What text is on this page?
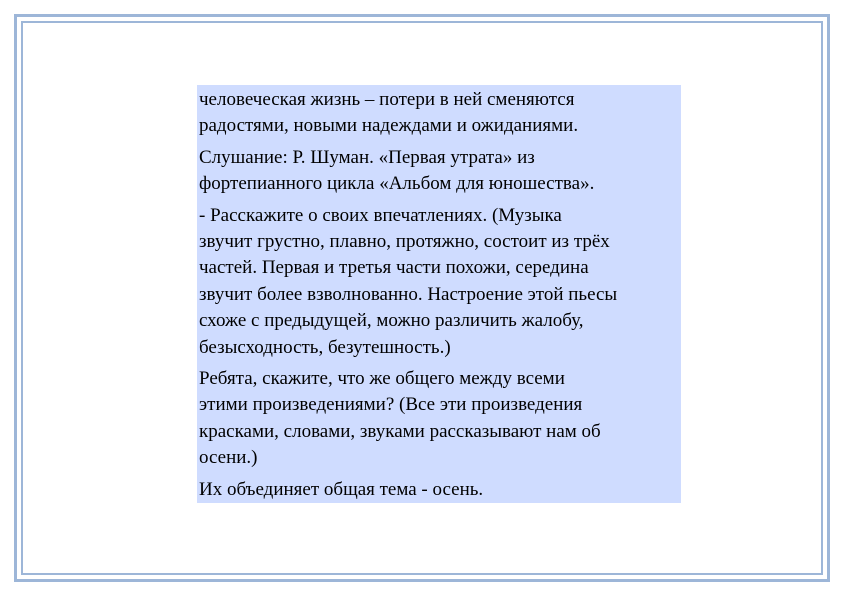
человеческая жизнь – потери в ней сменяются
радостями, новыми надеждами и ожиданиями.

Слушание: Р. Шуман. «Первая утрата» из
фортепианного цикла «Альбом для юношества».

- Расскажите о своих впечатлениях. (Музыка
звучит грустно, плавно, протяжно, состоит из трёх
частей. Первая и третья части похожи, середина
звучит более взволнованно. Настроение этой пьесы
схоже с предыдущей, можно различить жалобу,
безысходность, безутешность.)

Ребята, скажите, что же общего между всеми
этими произведениями? (Все эти произведения
красками, словами, звуками рассказывают нам об
осени.)

Их объединяет общая тема - осень.
